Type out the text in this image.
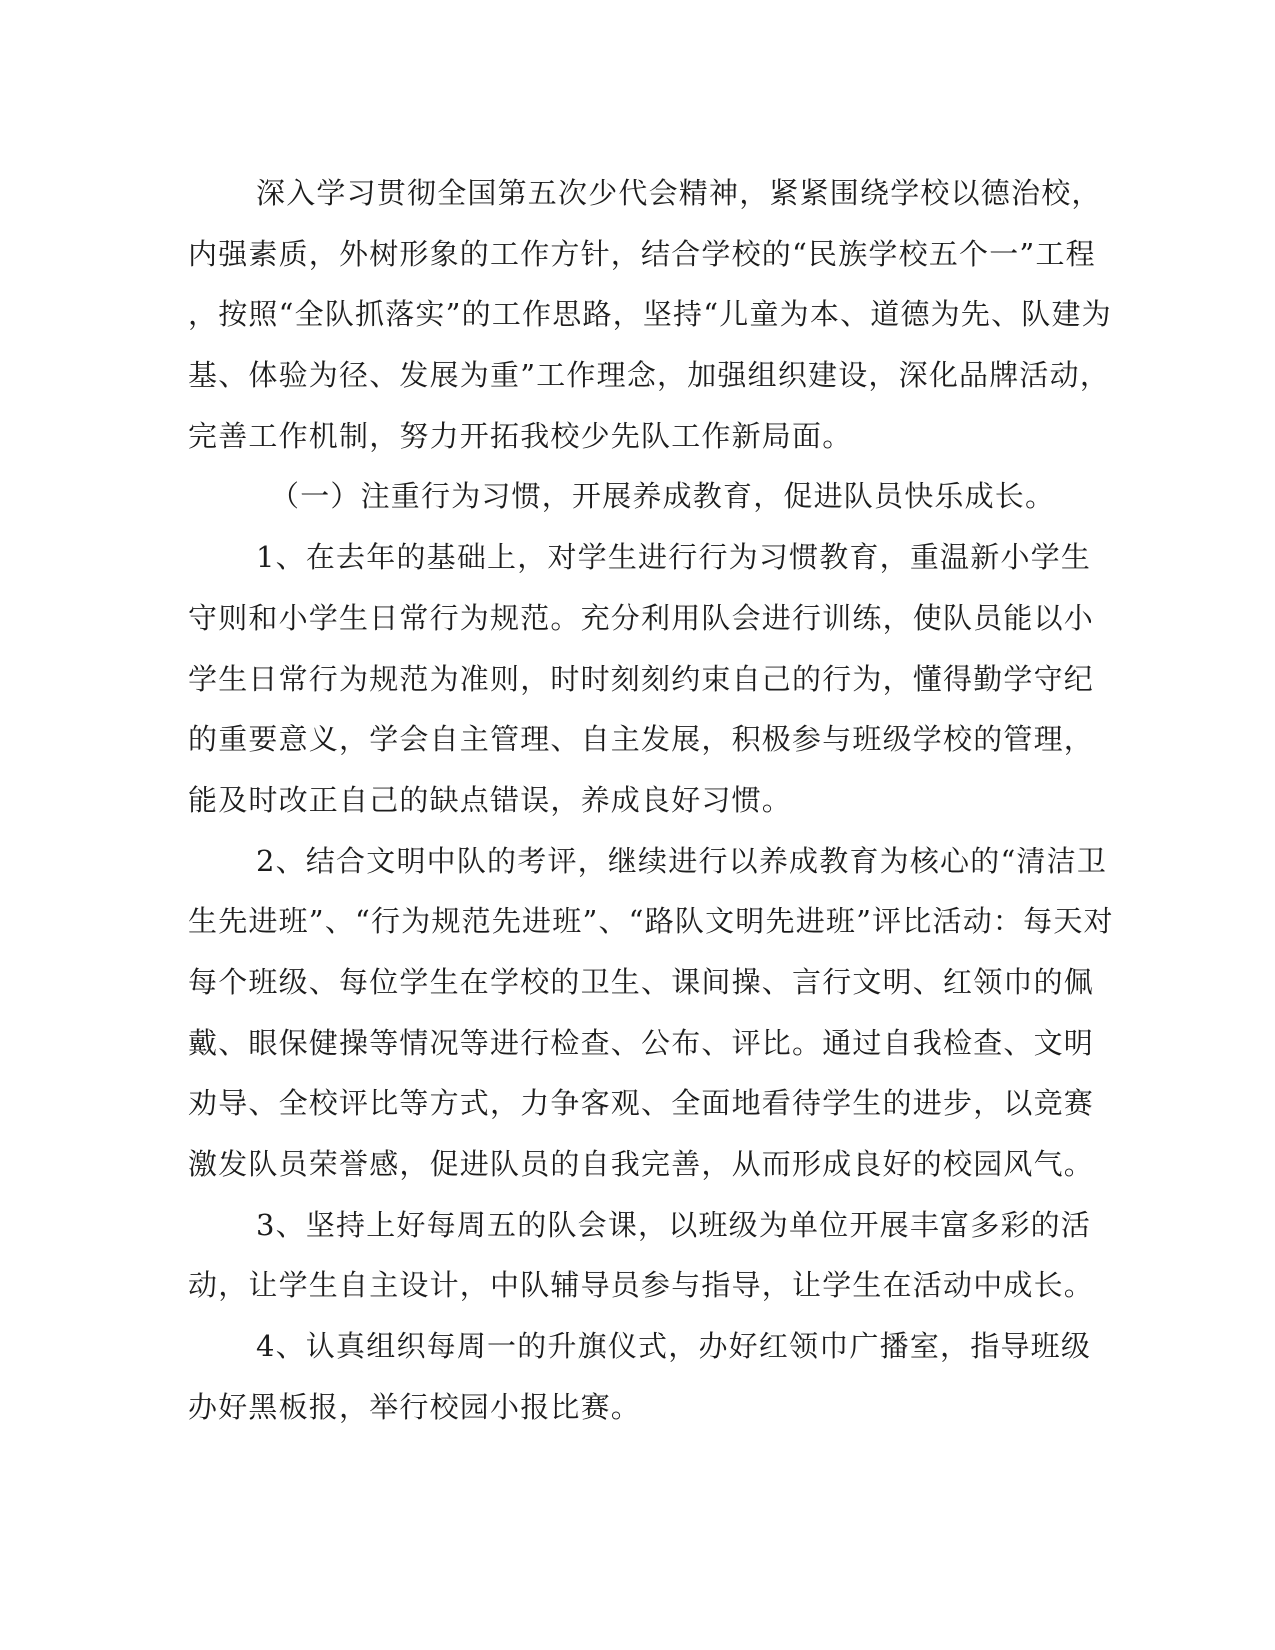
深入学习贯彻全国第五次少代会精神，紧紧围绕学校以德治校，
内强素质，外树形象的工作方针，结合学校的“民族学校五个一”工程
，按照“全队抓落实”的工作思路，坚持“儿童为本、道德为先、队建为
基、体验为径、发展为重”工作理念，加强组织建设，深化品牌活动，
完善工作机制，努力开拓我校少先队工作新局面。
（一）注重行为习惯，开展养成教育，促进队员快乐成长。
1、在去年的基础上，对学生进行行为习惯教育，重温新小学生
守则和小学生日常行为规范。充分利用队会进行训练，使队员能以小
学生日常行为规范为准则，时时刻刻约束自己的行为，懂得勤学守纪
的重要意义，学会自主管理、自主发展，积极参与班级学校的管理，
能及时改正自己的缺点错误，养成良好习惯。
2、结合文明中队的考评，继续进行以养成教育为核心的“清洁卫
生先进班”、“行为规范先进班”、“路队文明先进班”评比活动：每天对
每个班级、每位学生在学校的卫生、课间操、言行文明、红领巾的佩
戴、眼保健操等情况等进行检查、公布、评比。通过自我检查、文明
劝导、全校评比等方式，力争客观、全面地看待学生的进步，以竞赛
激发队员荣誉感，促进队员的自我完善，从而形成良好的校园风气。
3、坚持上好每周五的队会课，以班级为单位开展丰富多彩的活
动，让学生自主设计，中队辅导员参与指导，让学生在活动中成长。
4、认真组织每周一的升旗仪式，办好红领巾广播室，指导班级
办好黑板报，举行校园小报比赛。
